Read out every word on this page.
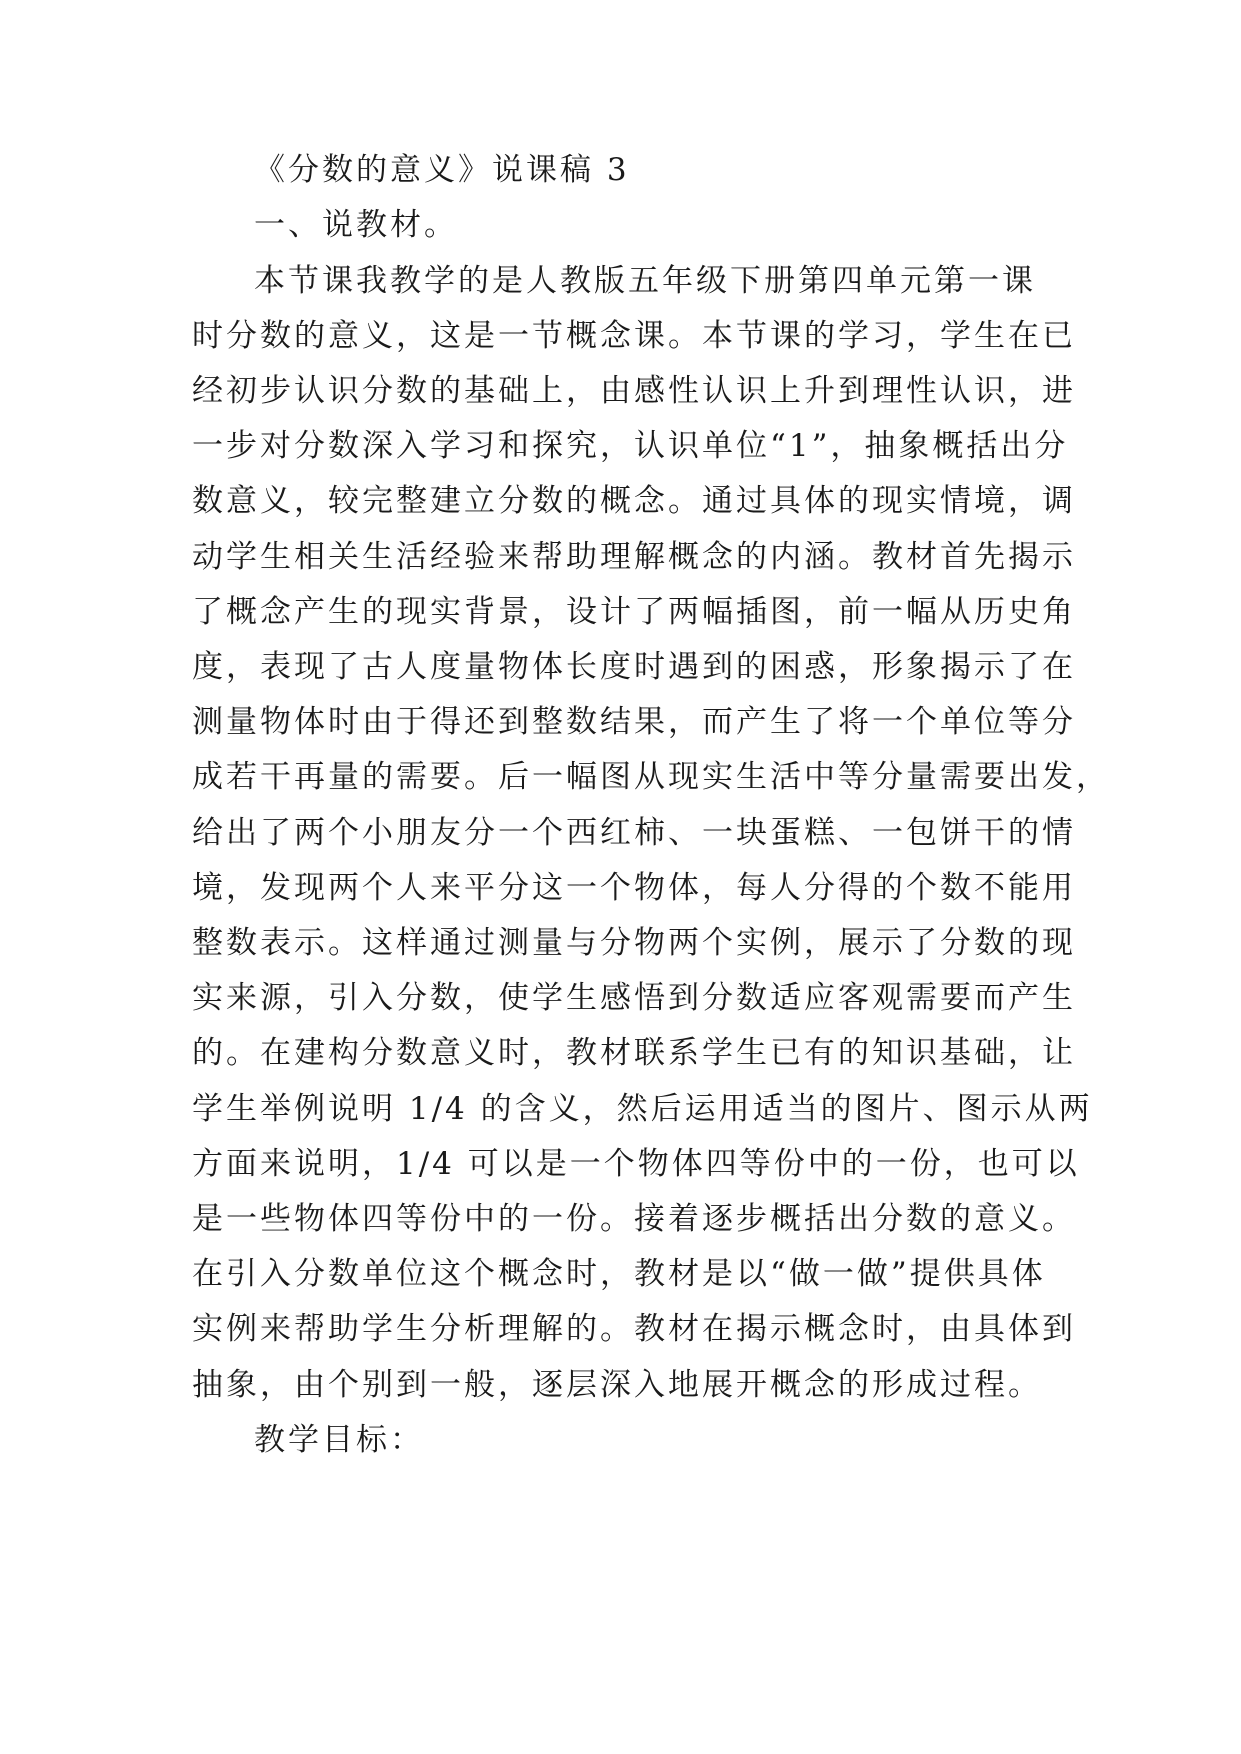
《分数的意义》说课稿 3
一、说教材。
本节课我教学的是人教版五年级下册第四单元第一课
时分数的意义，这是一节概念课。本节课的学习，学生在已
经初步认识分数的基础上，由感性认识上升到理性认识，进
一步对分数深入学习和探究，认识单位“1”，抽象概括出分
数意义，较完整建立分数的概念。通过具体的现实情境，调
动学生相关生活经验来帮助理解概念的内涵。教材首先揭示
了概念产生的现实背景，设计了两幅插图，前一幅从历史角
度，表现了古人度量物体长度时遇到的困惑，形象揭示了在
测量物体时由于得还到整数结果，而产生了将一个单位等分
成若干再量的需要。后一幅图从现实生活中等分量需要出发，
给出了两个小朋友分一个西红柿、一块蛋糕、一包饼干的情
境，发现两个人来平分这一个物体，每人分得的个数不能用
整数表示。这样通过测量与分物两个实例，展示了分数的现
实来源，引入分数，使学生感悟到分数适应客观需要而产生
的。在建构分数意义时，教材联系学生已有的知识基础，让
学生举例说明 1/4 的含义，然后运用适当的图片、图示从两
方面来说明，1/4 可以是一个物体四等份中的一份，也可以
是一些物体四等份中的一份。接着逐步概括出分数的意义。
在引入分数单位这个概念时，教材是以“做一做”提供具体
实例来帮助学生分析理解的。教材在揭示概念时，由具体到
抽象，由个别到一般，逐层深入地展开概念的形成过程。
教学目标：
